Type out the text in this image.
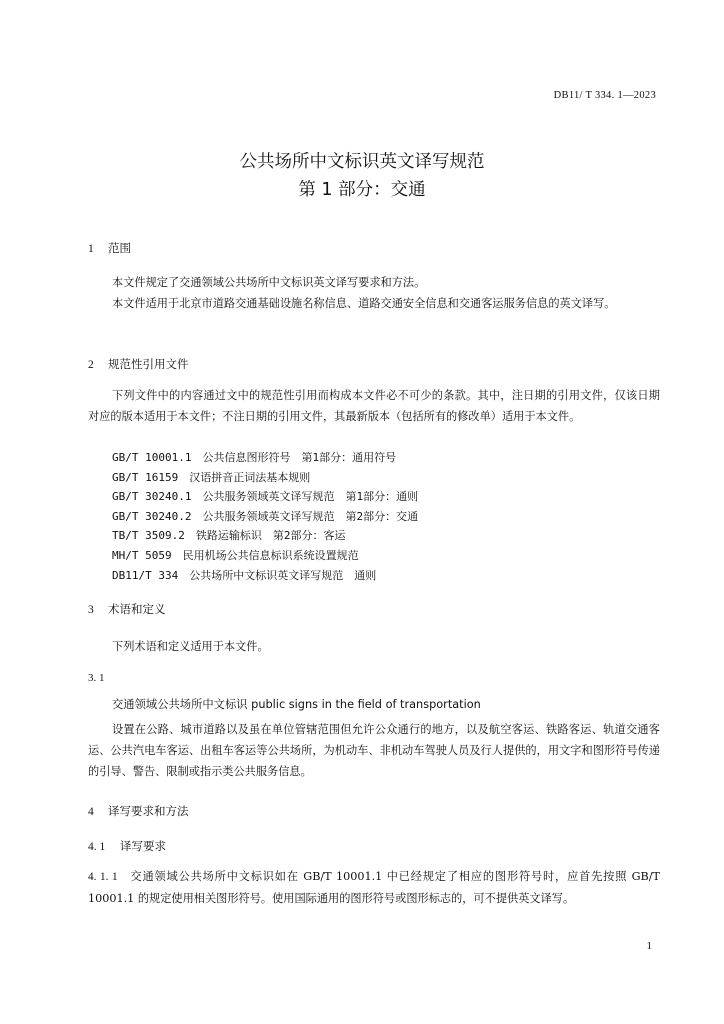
DB11/ T 334. 1—2023
公共场所中文标识英文译写规范
第 1 部分：交通
1 范围

本文件规定了交通领域公共场所中文标识英文译写要求和方法。

本文件适用于北京市道路交通基础设施名称信息、道路交通安全信息和交通客运服务信息的英文译写。

2 规范性引用文件

下列文件中的内容通过文中的规范性引用而构成本文件必不可少的条款。其中，注日期的引用文件，仅该日期对应的版本适用于本文件；不注日期的引用文件，其最新版本（包括所有的修改单）适用于本文件。

GB/T 10001.1　公共信息图形符号　第1部分：通用符号
GB/T 16159　汉语拼音正词法基本规则
GB/T 30240.1　公共服务领域英文译写规范　第1部分：通则
GB/T 30240.2　公共服务领域英文译写规范　第2部分：交通
TB/T 3509.2　铁路运输标识　第2部分：客运
MH/T 5059　民用机场公共信息标识系统设置规范
DB11/T 334　公共场所中文标识英文译写规范　通则
3 术语和定义

下列术语和定义适用于本文件。

3. 1
交通领域公共场所中文标识 public signs in the field of transportation

设置在公路、城市道路以及虽在单位管辖范围但允许公众通行的地方，以及航空客运、铁路客运、轨道交通客运、公共汽电车客运、出租车客运等公共场所，为机动车、非机动车驾驶人员及行人提供的，用文字和图形符号传递的引导、警告、限制或指示类公共服务信息。

4 译写要求和方法
4. 1 译写要求
4. 1. 1 交通领域公共场所中文标识如在 GB/T 10001.1 中已经规定了相应的图形符号时，应首先按照 GB/T 10001.1 的规定使用相关图形符号。使用国际通用的图形符号或图形标志的，可不提供英文译写。
1
